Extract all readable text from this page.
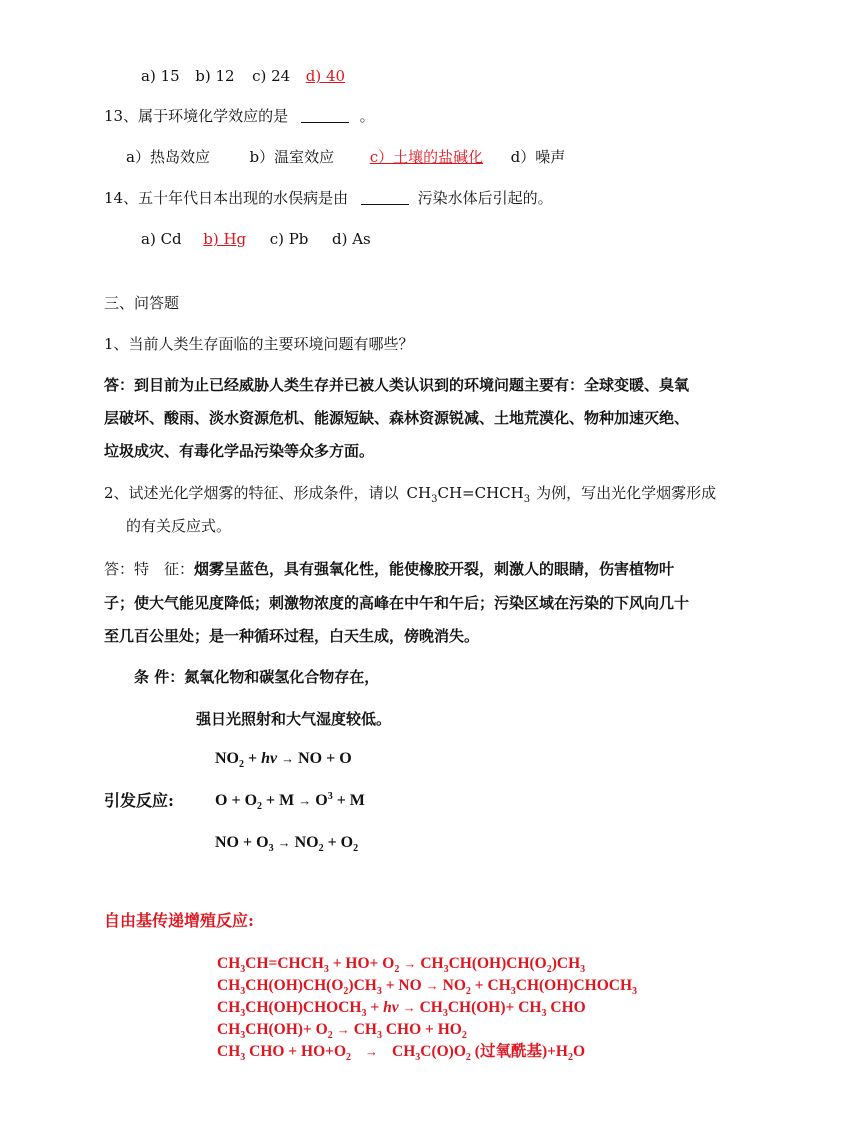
a) 15 b) 12 c) 24 d) 40
13、属于环境化学效应的是	。
a）热岛效应	b）温室效应 c）土壤的盐碱化 d）噪声
14、五十年代日本出现的水俣病是由	污染水体后引起的。
a) Cd b) Hg c) Pb d) As
三、问答题
1、当前人类生存面临的主要环境问题有哪些？
答：到目前为止已经威胁人类生存并已被人类认识到的环境问题主要有：全球变暖、臭氧
层破坏、酸雨、淡水资源危机、能源短缺、森林资源锐减、土地荒漠化、物种加速灭绝、
垃圾成灾、有毒化学品污染等众多方面。
2、试述光化学烟雾的特征、形成条件，请以 $CH_3CH=CHCH_3$ 为例，写出光化学烟雾形成
的有关反应式。
答：特　征：烟雾呈蓝色，具有强氧化性，能使橡胶开裂，刺激人的眼睛，伤害植物叶
子；使大气能见度降低；刺激物浓度的高峰在中午和午后；污染区域在污染的下风向几十
至几百公里处；是一种循环过程，白天生成，傍晚消失。
条 件：氮氧化物和碳氢化合物存在，
强日光照射和大气湿度较低。
$NO_2$ + hv → NO + O
引发反应:	$O + O_2 + M \to O^3 + M$
NO + $O_3 \to NO_2 + O_2$
自由基传递增殖反应:
$CH_3CH=CHCH_3 + HO+ O_2 \to CH_3CH(OH)CH(O_2)CH_3$
$CH_3CH(OH)CH(O_2)CH_3$ + NO → $NO_2$ + $CH_3CH(OH)CHOCH_3$
$CH_3CH(OH)CHOCH_3$ + hv → $CH_3CH(OH)+ CH_3$ CHO
$CH_3CH(OH)+ O_2 \to CH_3$ CHO + $HO_2$
$CH_3$ CHO + $HO+O_2 \to CH_3C(O)O_2$ (过氧酰基)$+H_2O$
